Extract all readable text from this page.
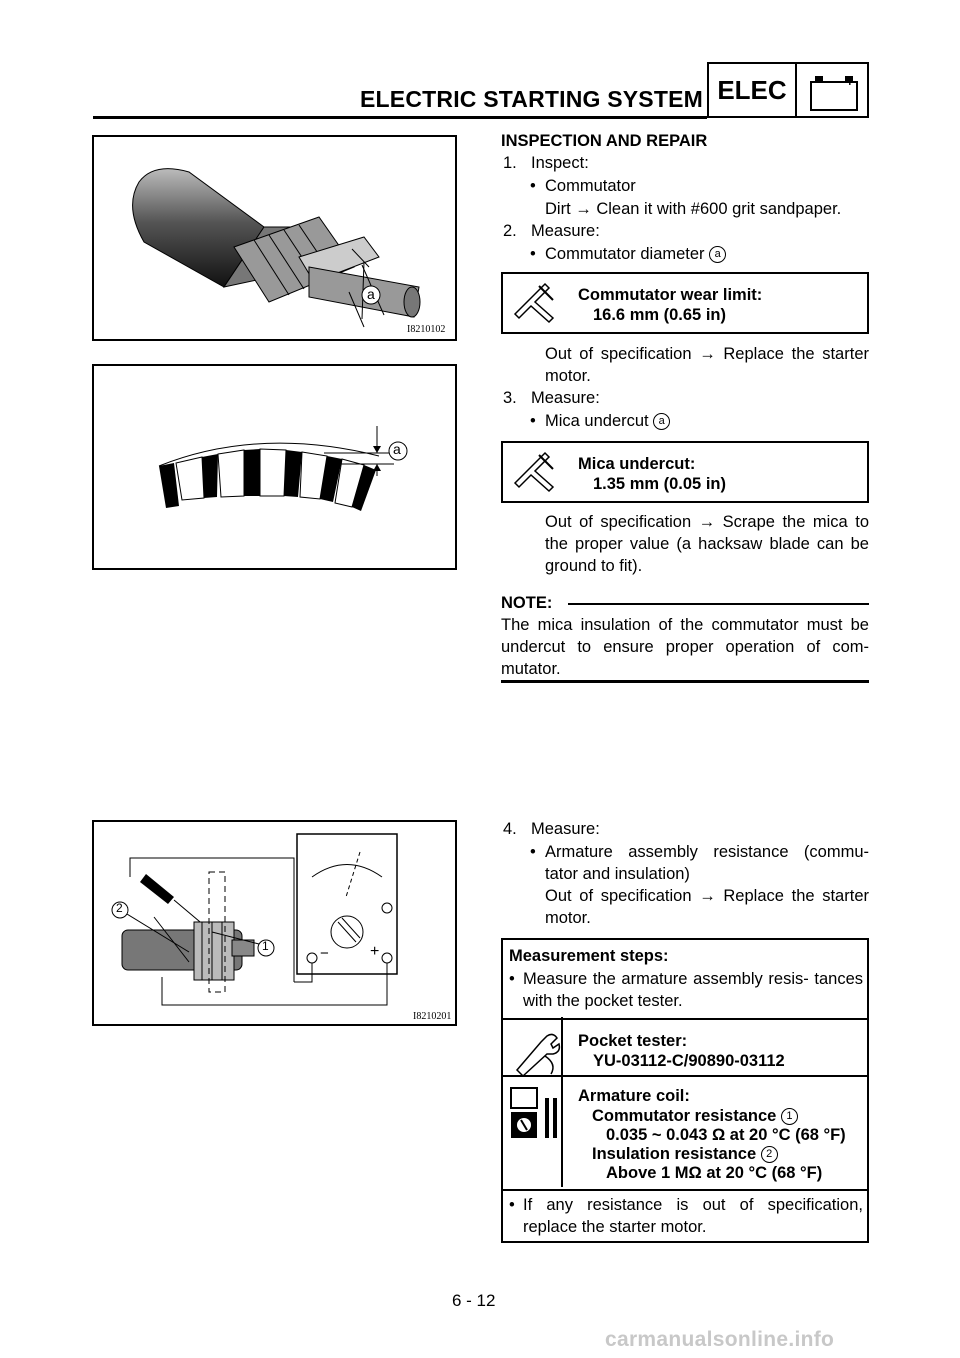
ELECTRIC STARTING SYSTEM ELEC	− +
a
I8210102
a
2
1	−	+
I8210201
INSPECTION AND REPAIR
1. Inspect:
• Commutator
Dirt → Clean it with #600 grit sandpaper.
2. Measure:
• Commutator diameter a
Commutator wear limit:
16.6 mm (0.65 in)
Out of specification → Replace the starter motor.
3. Measure:
• Mica undercut a
Mica undercut:
1.35 mm (0.05 in)
Out of specification → Scrape the mica to the proper value (a hacksaw blade can be ground to fit).
NOTE:
The mica insulation of the commutator must be undercut to ensure proper operation of com- mutator.
4. Measure:
• Armature assembly resistance (commu- tator and insulation)
Out of specification → Replace the starter motor.
Measurement steps:
• Measure the armature assembly resis- tances with the pocket tester.
Pocket tester:
YU-03112-C/90890-03112
Armature coil:
Commutator resistance 1
0.035 ~ 0.043 Ω at 20 °C (68 °F)
Insulation resistance 2
Above 1 MΩ at 20 °C (68 °F)
• If any resistance is out of specification, replace the starter motor.
6 - 12
carmanualsonline.info
